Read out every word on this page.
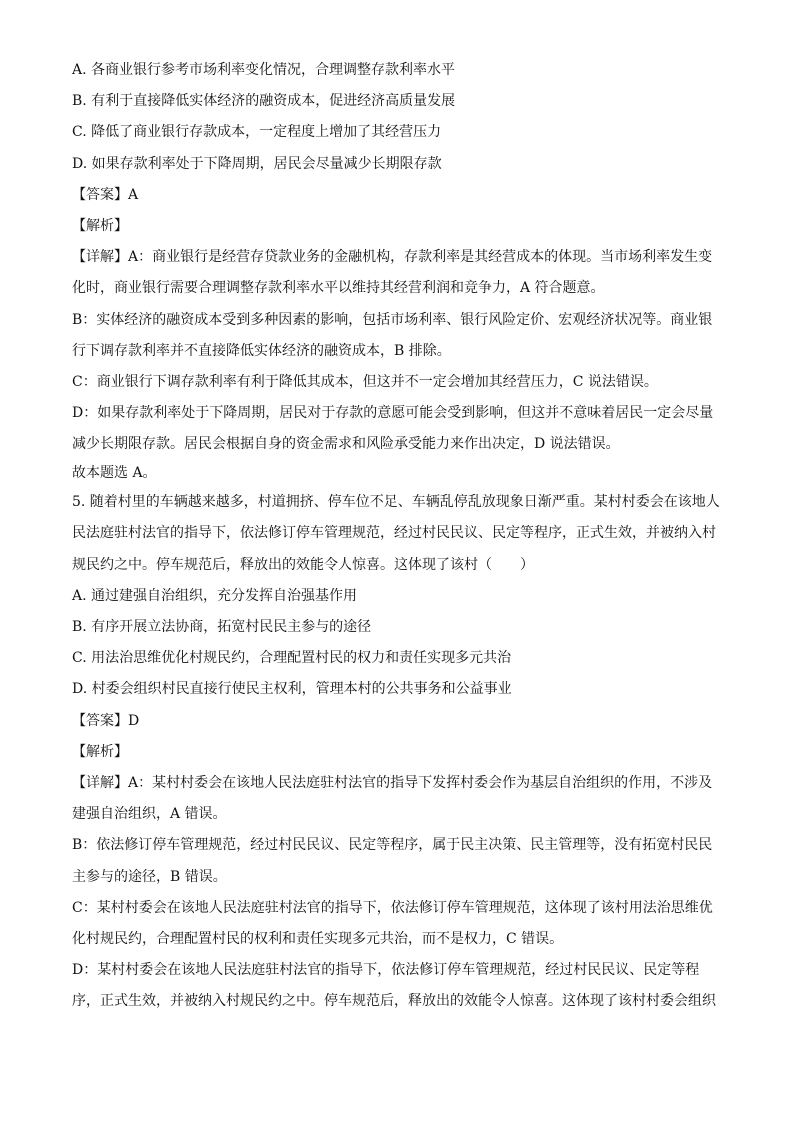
A. 各商业银行参考市场利率变化情况，合理调整存款利率水平

B. 有利于直接降低实体经济的融资成本，促进经济高质量发展

C. 降低了商业银行存款成本，一定程度上增加了其经营压力

D. 如果存款利率处于下降周期，居民会尽量减少长期限存款

【答案】A

【解析】

【详解】A：商业银行是经营存贷款业务的金融机构，存款利率是其经营成本的体现。当市场利率发生变

化时，商业银行需要合理调整存款利率水平以维持其经营利润和竞争力，A 符合题意。

B：实体经济的融资成本受到多种因素的影响，包括市场利率、银行风险定价、宏观经济状况等。商业银

行下调存款利率并不直接降低实体经济的融资成本，B 排除。

C：商业银行下调存款利率有利于降低其成本，但这并不一定会增加其经营压力，C 说法错误。

D：如果存款利率处于下降周期，居民对于存款的意愿可能会受到影响，但这并不意味着居民一定会尽量

减少长期限存款。居民会根据自身的资金需求和风险承受能力来作出决定，D 说法错误。

故本题选 A。

5. 随着村里的车辆越来越多，村道拥挤、停车位不足、车辆乱停乱放现象日渐严重。某村村委会在该地人

民法庭驻村法官的指导下，依法修订停车管理规范，经过村民民议、民定等程序，正式生效，并被纳入村

规民约之中。停车规范后，释放出的效能令人惊喜。这体现了该村（　　）

A. 通过建强自治组织，充分发挥自治强基作用

B. 有序开展立法协商，拓宽村民民主参与的途径

C. 用法治思维优化村规民约，合理配置村民的权力和责任实现多元共治

D. 村委会组织村民直接行使民主权利，管理本村的公共事务和公益事业

【答案】D

【解析】

【详解】A：某村村委会在该地人民法庭驻村法官的指导下发挥村委会作为基层自治组织的作用，不涉及

建强自治组织，A 错误。

B：依法修订停车管理规范，经过村民民议、民定等程序，属于民主决策、民主管理等，没有拓宽村民民

主参与的途径，B 错误。

C：某村村委会在该地人民法庭驻村法官的指导下，依法修订停车管理规范，这体现了该村用法治思维优

化村规民约，合理配置村民的权利和责任实现多元共治，而不是权力，C 错误。

D：某村村委会在该地人民法庭驻村法官的指导下，依法修订停车管理规范，经过村民民议、民定等程

序，正式生效，并被纳入村规民约之中。停车规范后，释放出的效能令人惊喜。这体现了该村村委会组织
